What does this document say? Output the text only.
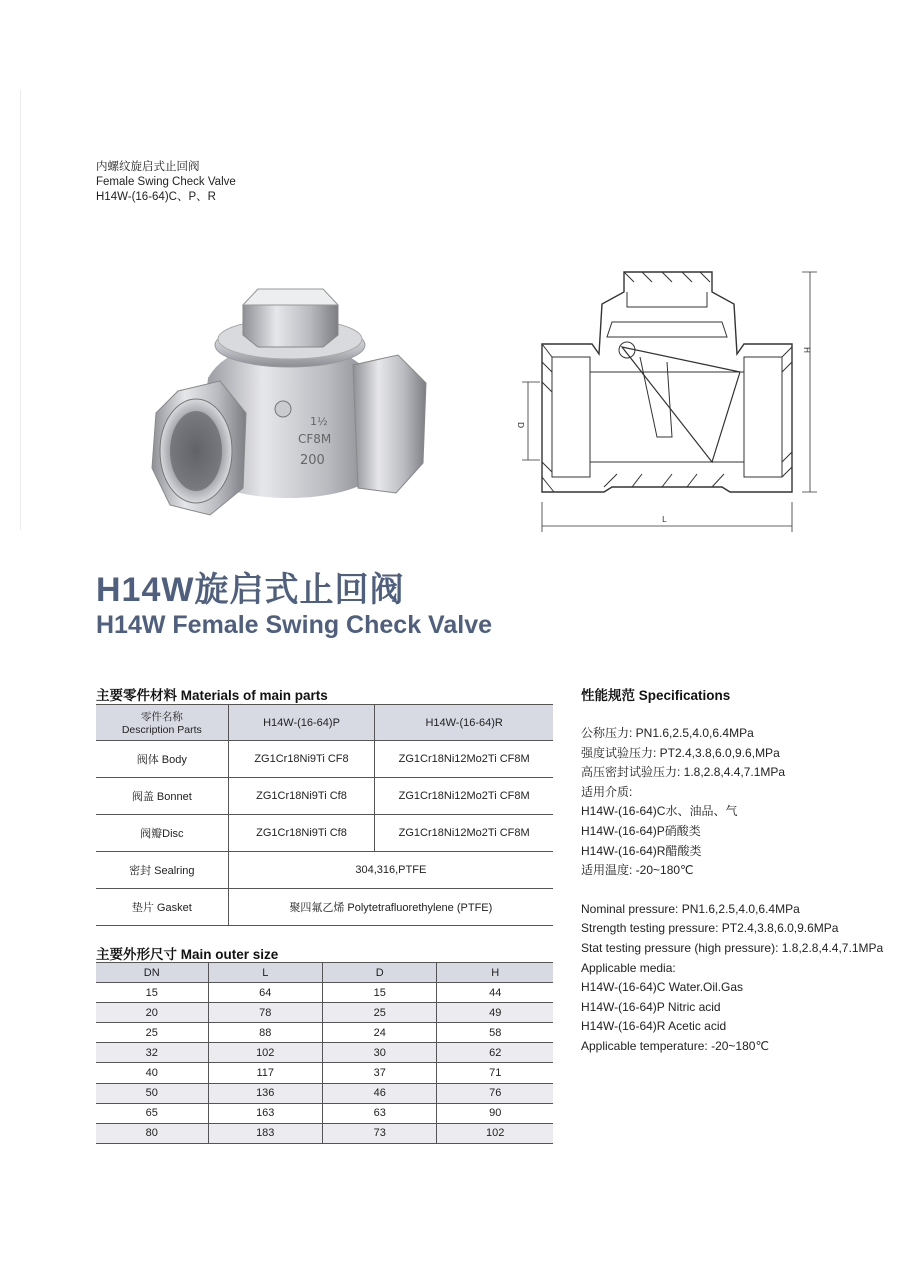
内螺纹旋启式止回阀
Female Swing Check Valve
H14W-(16-64)C、P、R
1½
CF8M
200
H
D
L
H14W旋启式止回阀
H14W Female Swing Check Valve
主要零件材料 Materials of main parts
零件名称
Description Parts	H14W-(16-64)P	H14W-(16-64)R
阀体 Body	ZG1Cr18Ni9Ti CF8	ZG1Cr18Ni12Mo2Ti CF8M
阀盖 Bonnet	ZG1Cr18Ni9Ti Cf8	ZG1Cr18Ni12Mo2Ti CF8M
阀瓣Disc	ZG1Cr18Ni9Ti Cf8	ZG1Cr18Ni12Mo2Ti CF8M
密封 Sealring	304,316,PTFE	
垫片 Gasket	聚四氟乙烯 Polytetrafluorethylene (PTFE)	
主要外形尺寸 Main outer size
DN	L	D	H
15	64	15	44
20	78	25	49
25	88	24	58
32	102	30	62
40	117	37	71
50	136	46	76
65	163	63	90
80	183	73	102
性能规范 Specifications
公称压力: PN1.6,2.5,4.0,6.4MPa
强度试验压力: PT2.4,3.8,6.0,9.6,MPa
高压密封试验压力: 1.8,2.8,4.4,7.1MPa
适用介质:
H14W-(16-64)C水、油品、气
H14W-(16-64)P硝酸类
H14W-(16-64)R醋酸类
适用温度: -20~180℃
Nominal pressure: PN1.6,2.5,4.0,6.4MPa
Strength testing pressure: PT2.4,3.8,6.0,9.6MPa
Stat testing pressure (high pressure): 1.8,2.8,4.4,7.1MPa
Applicable media:
H14W-(16-64)C Water.Oil.Gas
H14W-(16-64)P Nitric acid
H14W-(16-64)R Acetic acid
Applicable temperature: -20~180℃
